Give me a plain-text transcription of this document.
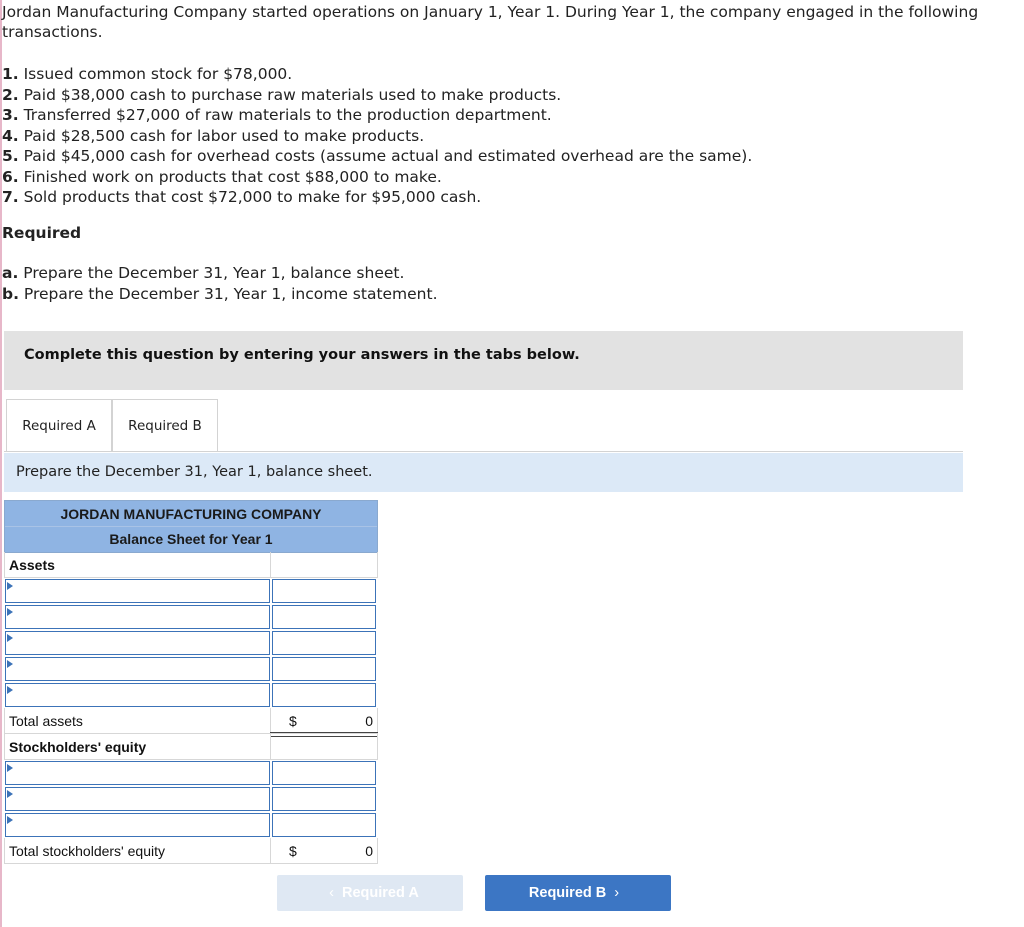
Jordan Manufacturing Company started operations on January 1, Year 1. During Year 1, the company engaged in the following transactions.
1. Issued common stock for $78,000.
2. Paid $38,000 cash to purchase raw materials used to make products.
3. Transferred $27,000 of raw materials to the production department.
4. Paid $28,500 cash for labor used to make products.
5. Paid $45,000 cash for overhead costs (assume actual and estimated overhead are the same).
6. Finished work on products that cost $88,000 to make.
7. Sold products that cost $72,000 to make for $95,000 cash.
Required
a. Prepare the December 31, Year 1, balance sheet.
b. Prepare the December 31, Year 1, income statement.
Complete this question by entering your answers in the tabs below.
Required A	Required B
Prepare the December 31, Year 1, balance sheet.
JORDAN MANUFACTURING COMPANY
Balance Sheet for Year 1
Assets
Total assets	$	0
Stockholders' equity
Total stockholders' equity	$	0
‹ Required A	Required B ›
